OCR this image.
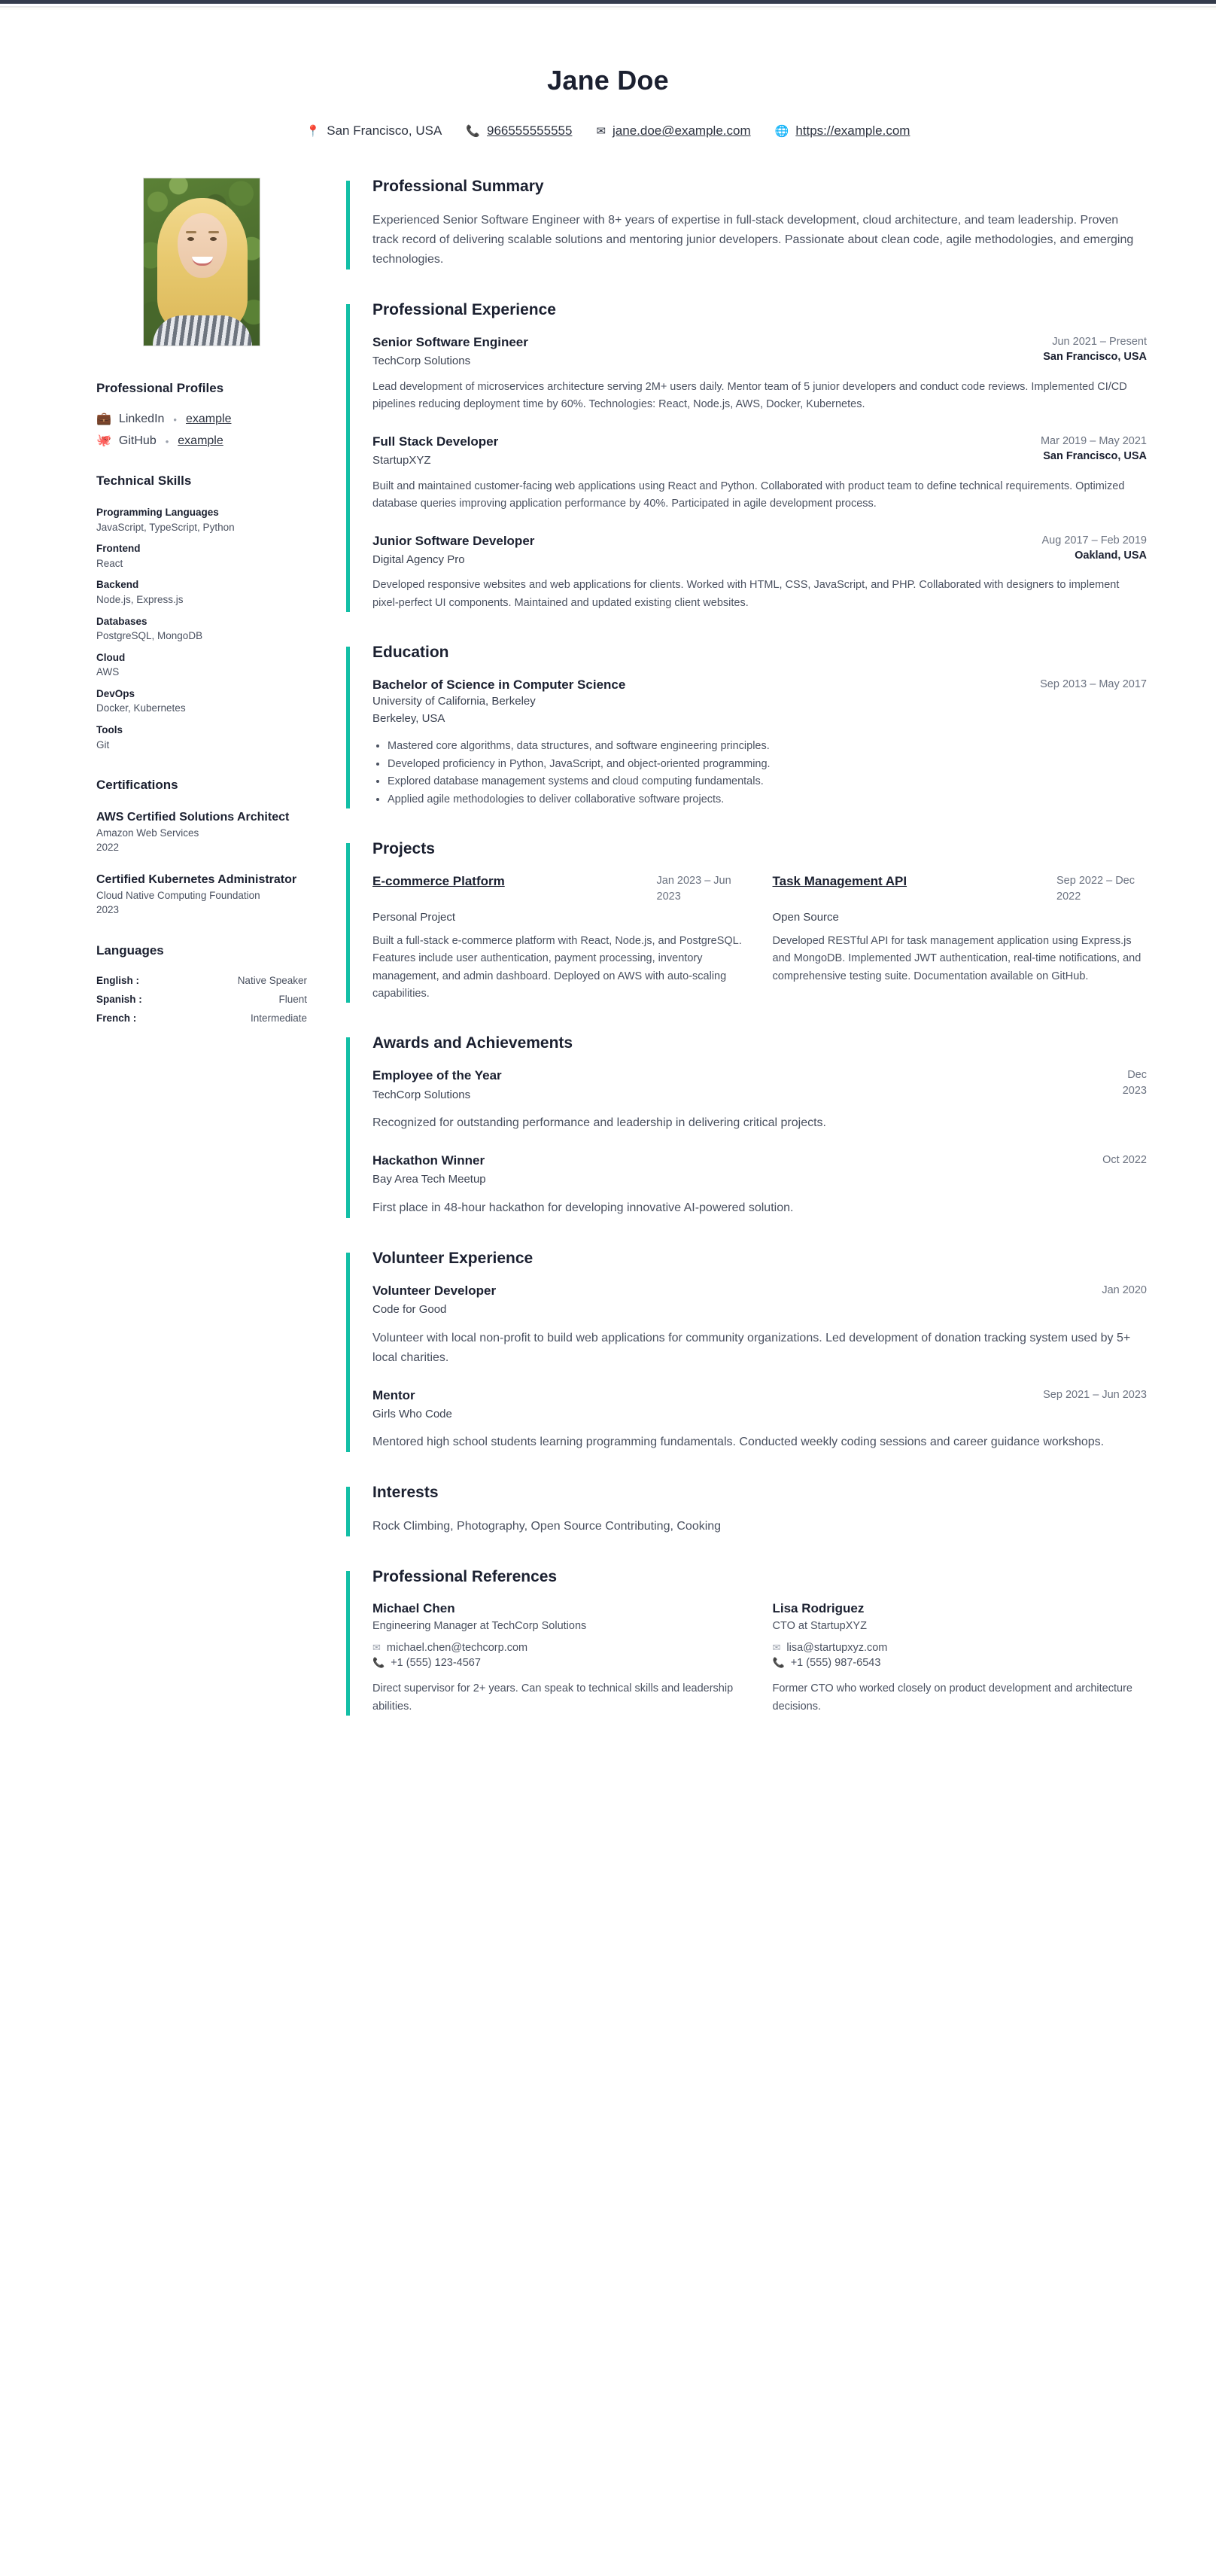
Jane Doe
📍 San Francisco, USA 📞 966555555555 ✉ jane.doe@example.com 🌐 https://example.com
Professional Profiles
💼 LinkedIn • example
🐙 GitHub • example
Technical Skills
Programming Languages
JavaScript, TypeScript, Python
Frontend
React
Backend
Node.js, Express.js
Databases
PostgreSQL, MongoDB
Cloud
AWS
DevOps
Docker, Kubernetes
Tools
Git
Certifications
AWS Certified Solutions Architect
Amazon Web Services
2022
Certified Kubernetes Administrator
Cloud Native Computing Foundation
2023
Languages
English :	Native Speaker
Spanish :	Fluent
French :	Intermediate
Professional Summary
Experienced Senior Software Engineer with 8+ years of expertise in full-stack development, cloud architecture, and team leadership. Proven track record of delivering scalable solutions and mentoring junior developers. Passionate about clean code, agile methodologies, and emerging technologies.
Professional Experience
Senior Software Engineer
TechCorp Solutions
Jun 2021 – Present
San Francisco, USA
Lead development of microservices architecture serving 2M+ users daily. Mentor team of 5 junior developers and conduct code reviews. Implemented CI/CD pipelines reducing deployment time by 60%. Technologies: React, Node.js, AWS, Docker, Kubernetes.
Full Stack Developer
StartupXYZ
Mar 2019 – May 2021
San Francisco, USA
Built and maintained customer-facing web applications using React and Python. Collaborated with product team to define technical requirements. Optimized database queries improving application performance by 40%. Participated in agile development process.
Junior Software Developer
Digital Agency Pro
Aug 2017 – Feb 2019
Oakland, USA
Developed responsive websites and web applications for clients. Worked with HTML, CSS, JavaScript, and PHP. Collaborated with designers to implement pixel-perfect UI components. Maintained and updated existing client websites.
Education
Bachelor of Science in Computer Science
University of California, Berkeley
Berkeley, USA
Sep 2013 – May 2017
• Mastered core algorithms, data structures, and software engineering principles.
• Developed proficiency in Python, JavaScript, and object-oriented programming.
• Explored database management systems and cloud computing fundamentals.
• Applied agile methodologies to deliver collaborative software projects.
Projects
E-commerce Platform	Jan 2023 – Jun 2023
Personal Project
Built a full-stack e-commerce platform with React, Node.js, and PostgreSQL. Features include user authentication, payment processing, inventory management, and admin dashboard. Deployed on AWS with auto-scaling capabilities.
Task Management API	Sep 2022 – Dec 2022
Open Source
Developed RESTful API for task management application using Express.js and MongoDB. Implemented JWT authentication, real-time notifications, and comprehensive testing suite. Documentation available on GitHub.
Awards and Achievements
Employee of the Year
TechCorp Solutions
Dec 2023
Recognized for outstanding performance and leadership in delivering critical projects.
Hackathon Winner
Bay Area Tech Meetup
Oct 2022
First place in 48-hour hackathon for developing innovative AI-powered solution.
Volunteer Experience
Volunteer Developer
Code for Good
Jan 2020
Volunteer with local non-profit to build web applications for community organizations. Led development of donation tracking system used by 5+ local charities.
Mentor
Girls Who Code
Sep 2021 – Jun 2023
Mentored high school students learning programming fundamentals. Conducted weekly coding sessions and career guidance workshops.
Interests
Rock Climbing, Photography, Open Source Contributing, Cooking
Professional References
Michael Chen
Engineering Manager at TechCorp Solutions
✉ michael.chen@techcorp.com
📞 +1 (555) 123-4567
Direct supervisor for 2+ years. Can speak to technical skills and leadership abilities.
Lisa Rodriguez
CTO at StartupXYZ
✉ lisa@startupxyz.com
📞 +1 (555) 987-6543
Former CTO who worked closely on product development and architecture decisions.
